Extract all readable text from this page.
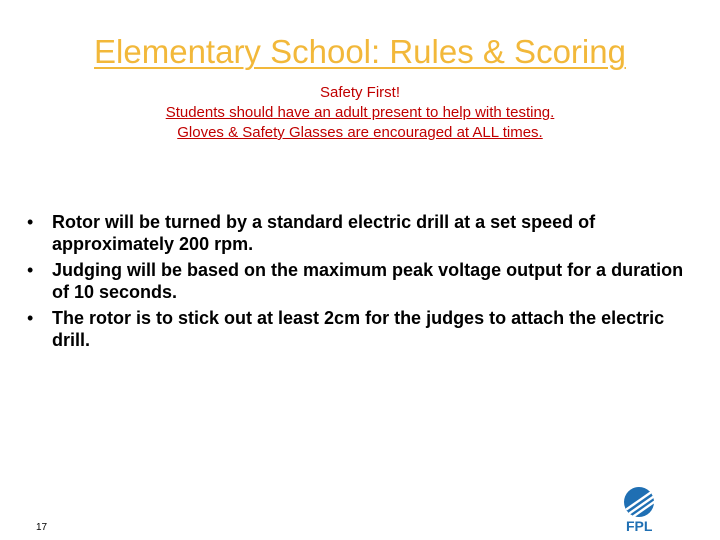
Elementary School: Rules & Scoring
Safety First!
Students should have an adult present to help with testing.
Gloves & Safety Glasses are encouraged at ALL times.
• Rotor will be turned by a standard electric drill at a set speed of approximately 200 rpm.
• Judging will be based on the maximum peak voltage output for a duration of 10 seconds.
• The rotor is to stick out at least 2cm for the judges to attach the electric drill.
17	FPL
